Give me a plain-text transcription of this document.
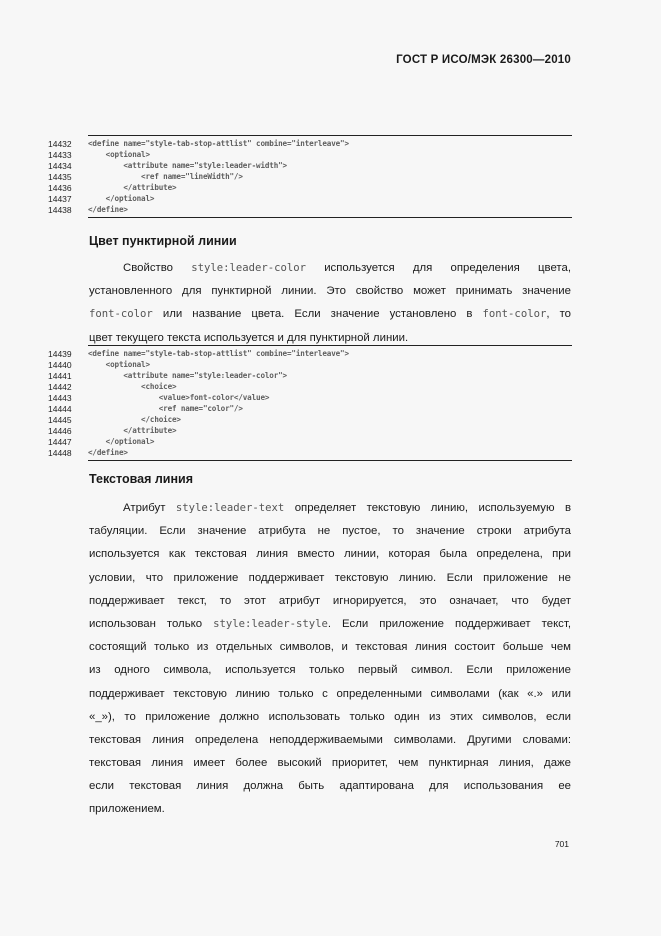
ГОСТ Р ИСО/МЭК 26300—2010
14432	<define name="style-tab-stop-attlist" combine="interleave">
14433	<optional>
14434	<attribute name="style:leader-width">
14435	<ref name="lineWidth"/>
14436	</attribute>
14437	</optional>
14438	</define>
Цвет пунктирной линии
Свойство style:leader-color используется для определения цвета,
установленного для пунктирной линии. Это свойство может принимать значение
font-color или название цвета. Если значение установлено в font-color, то
цвет текущего текста используется и для пунктирной линии.
14439	<define name="style-tab-stop-attlist" combine="interleave">
14440	<optional>
14441	<attribute name="style:leader-color">
14442	<choice>
14443	<value>font-color</value>
14444	<ref name="color"/>
14445	</choice>
14446	</attribute>
14447	</optional>
14448	</define>
Текстовая линия
Атрибут style:leader-text определяет текстовую линию, используемую в
табуляции. Если значение атрибута не пустое, то значение строки атрибута
используется как текстовая линия вместо линии, которая была определена, при
условии, что приложение поддерживает текстовую линию. Если приложение не
поддерживает текст, то этот атрибут игнорируется, это означает, что будет
использован только style:leader-style. Если приложение поддерживает текст,
состоящий только из отдельных символов, и текстовая линия состоит больше чем
из одного символа, используется только первый символ. Если приложение
поддерживает текстовую линию только с определенными символами (как «.» или
«_»), то приложение должно использовать только один из этих символов, если
текстовая линия определена неподдерживаемыми символами. Другими словами:
текстовая линия имеет более высокий приоритет, чем пунктирная линия, даже
если текстовая линия должна быть адаптирована для использования ее
приложением.
701
